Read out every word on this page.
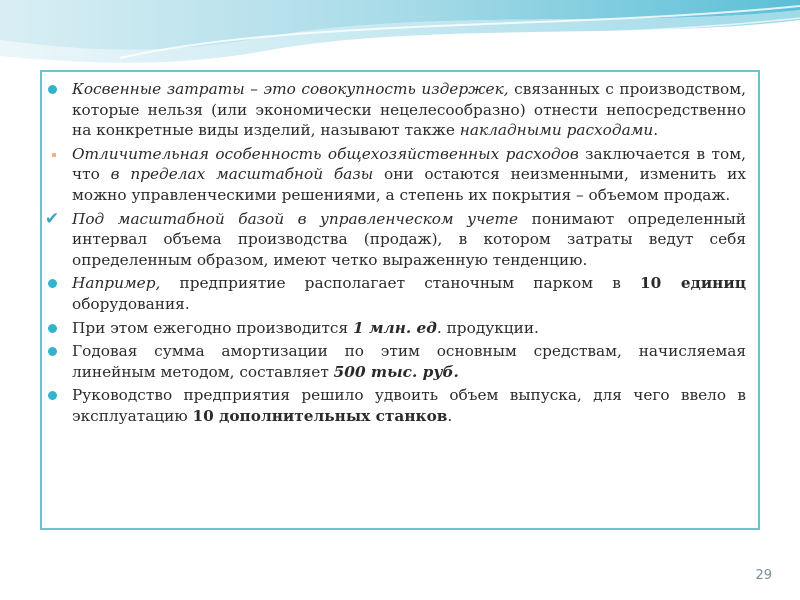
Косвенные затраты – это совокупность издержек, связанных с производством, которые нельзя (или экономически нецелесообразно) отнести непосредственно на конкретные виды изделий, называют также накладными расходами.
Отличительная особенность общехозяйственных расходов заключается в том, что в пределах масштабной базы они остаются неизменными, изменить их можно управленческими решениями, а степень их покрытия – объемом продаж.
✔ Под масштабной базой в управленческом учете понимают определенный интервал объема производства (продаж), в котором затраты ведут себя определенным образом, имеют четко выраженную тенденцию.
Например, предприятие располагает станочным парком в 10 единиц оборудования.
При этом ежегодно производится 1 млн. ед. продукции.
Годовая сумма амортизации по этим основным средствам, начисляемая линейным методом, составляет 500 тыс. руб.
Руководство предприятия решило удвоить объем выпуска, для чего ввело в эксплуатацию 10 дополнительных станков.
29
